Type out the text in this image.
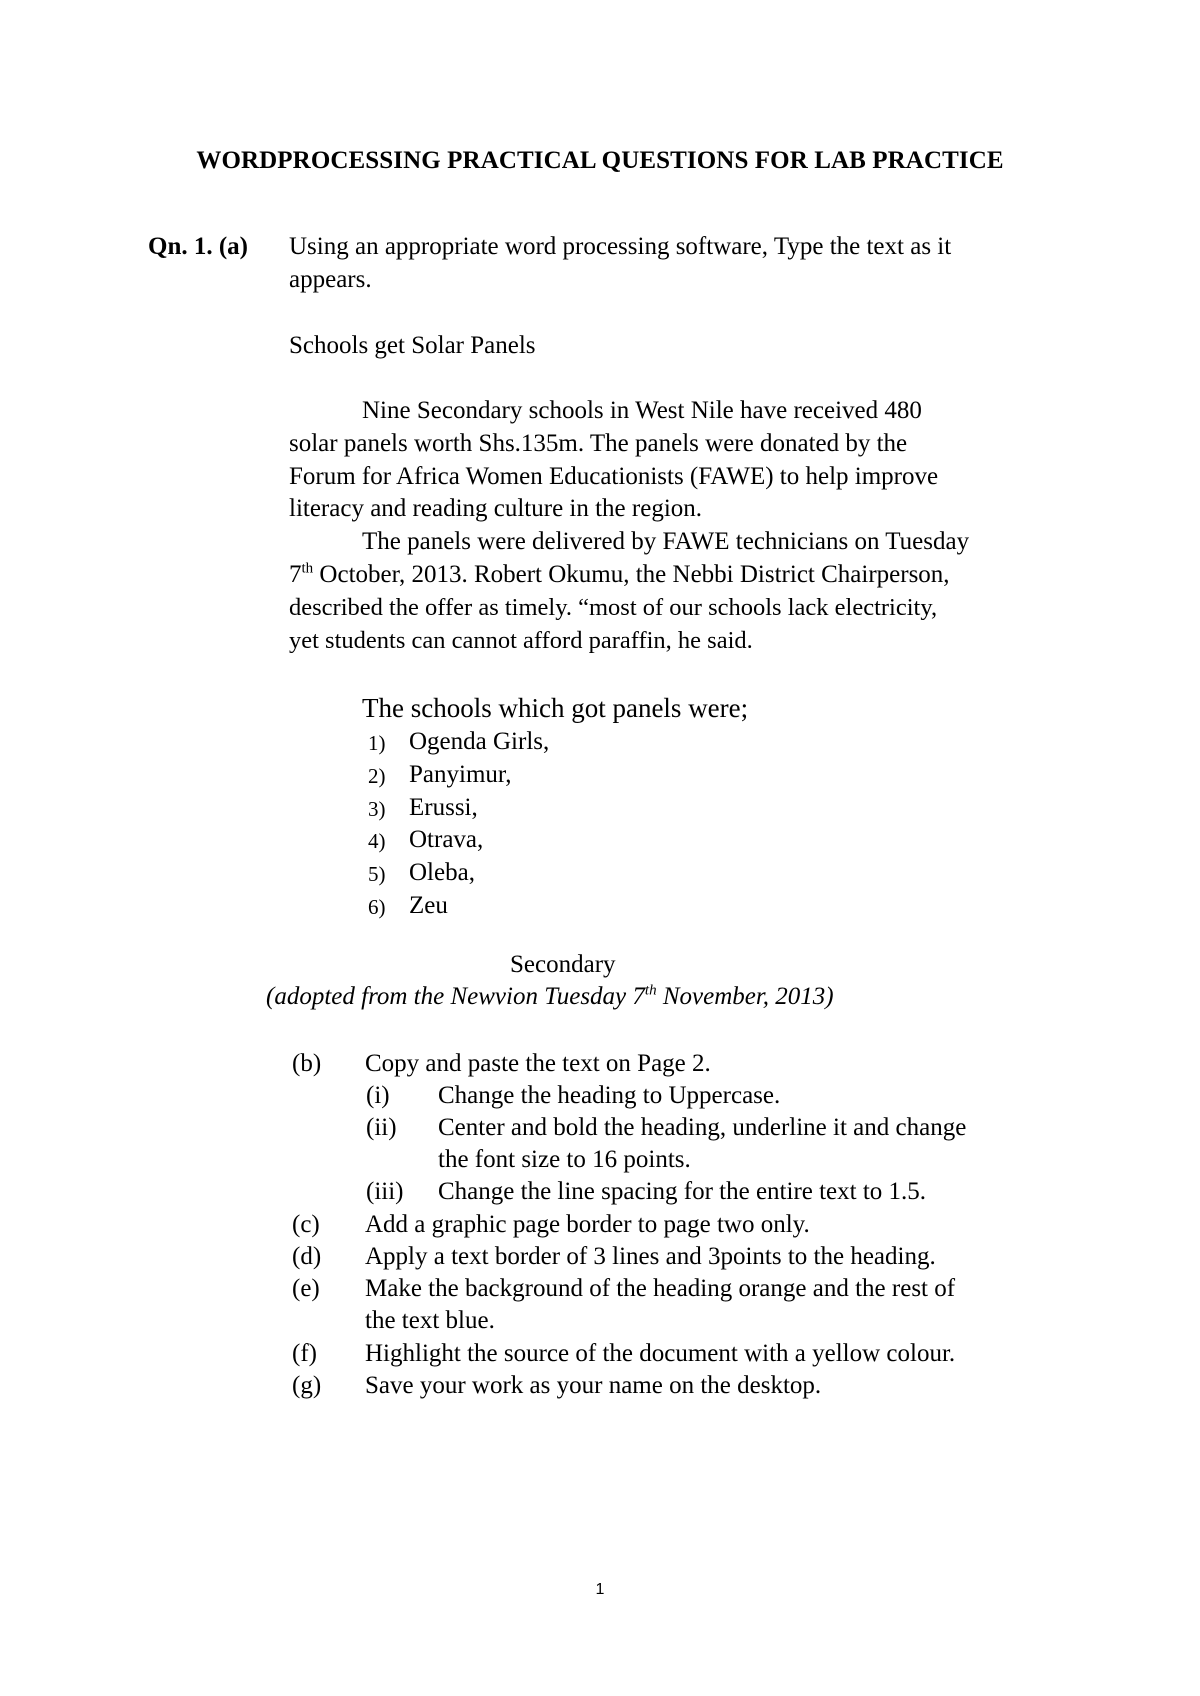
WORDPROCESSING PRACTICAL QUESTIONS FOR LAB PRACTICE
Qn. 1. (a) Using an appropriate word processing software, Type the text as it
appears.
Schools get Solar Panels
Nine Secondary schools in West Nile have received 480
solar panels worth Shs.135m. The panels were donated by the
Forum for Africa Women Educationists (FAWE) to help improve
literacy and reading culture in the region.
The panels were delivered by FAWE technicians on Tuesday
7th October, 2013. Robert Okumu, the Nebbi District Chairperson,
described the offer as timely. “most of our schools lack electricity,
yet students can cannot afford paraffin, he said.
The schools which got panels were;
1) Ogenda Girls,
2) Panyimur,
3) Erussi,
4) Otrava,
5) Oleba,
6) Zeu
Secondary
(adopted from the Newvion Tuesday 7th November, 2013)
(b) Copy and paste the text on Page 2.
(i) Change the heading to Uppercase.
(ii) Center and bold the heading, underline it and change
the font size to 16 points.
(iii) Change the line spacing for the entire text to 1.5.
(c) Add a graphic page border to page two only.
(d) Apply a text border of 3 lines and 3points to the heading.
(e) Make the background of the heading orange and the rest of
the text blue.
(f) Highlight the source of the document with a yellow colour.
(g) Save your work as your name on the desktop.
1
